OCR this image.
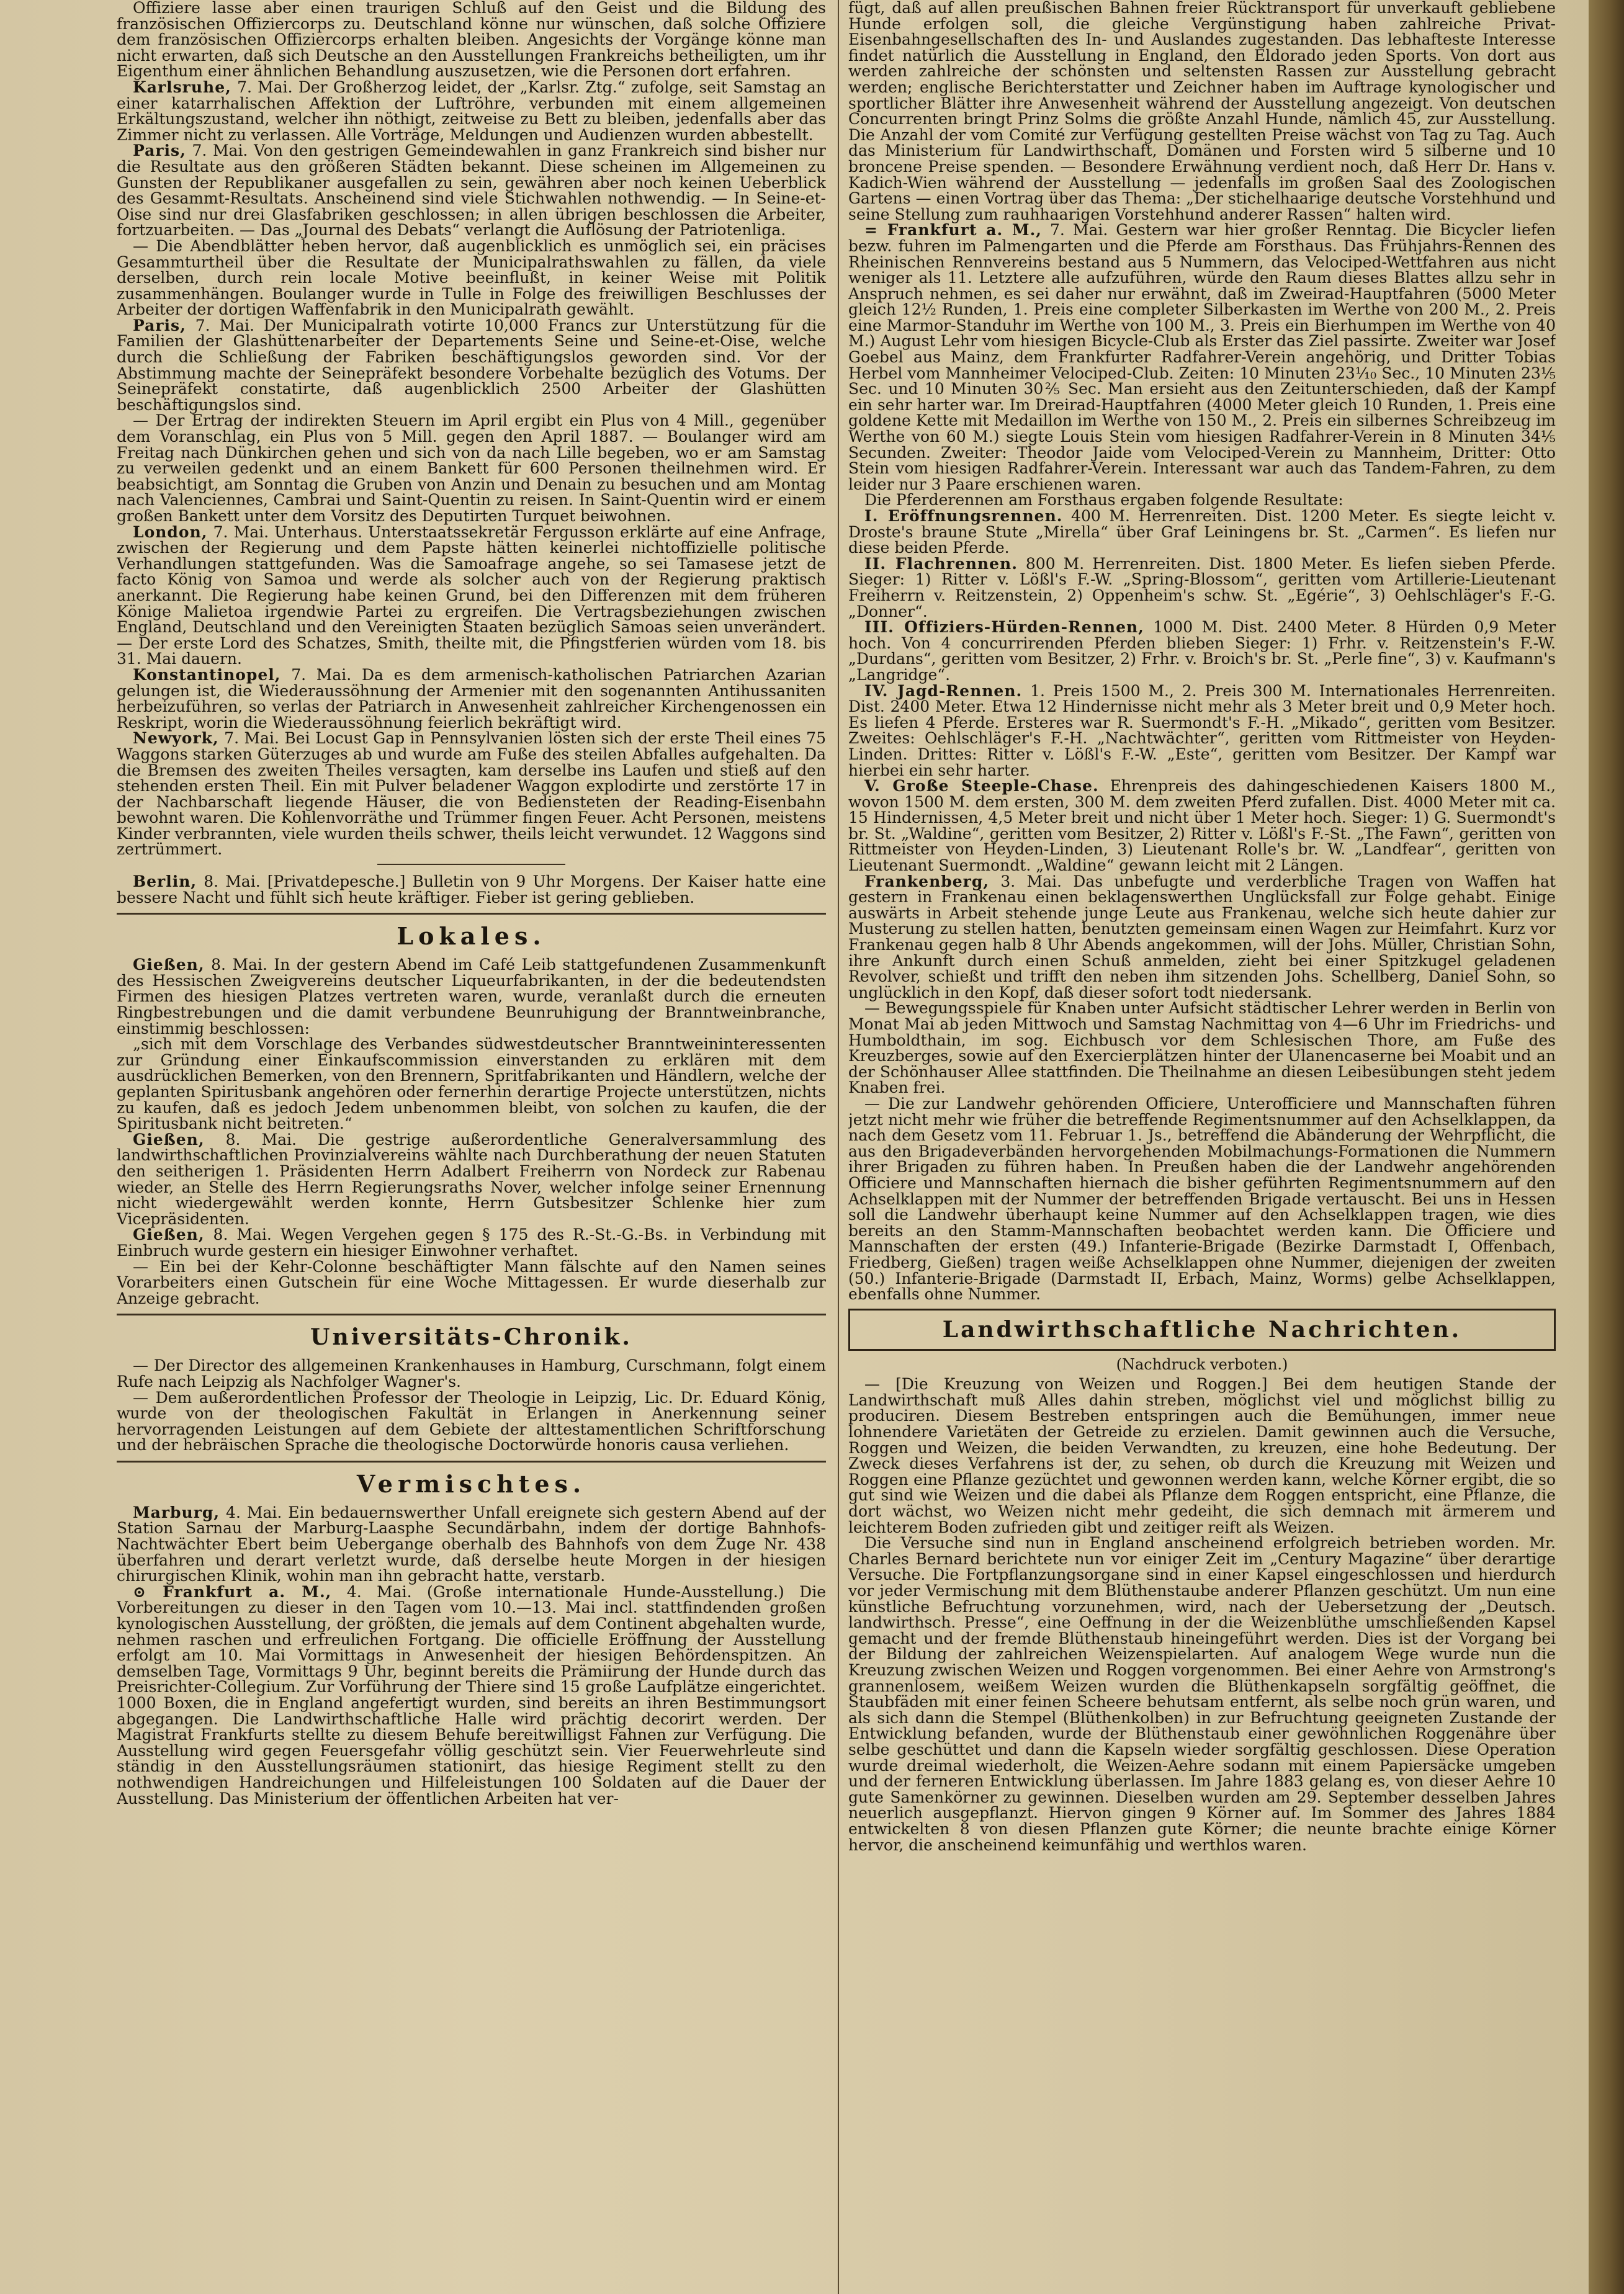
Offiziere lasse aber einen traurigen Schluß auf den Geist und die Bildung des französischen Offiziercorps zu. Deutschland könne nur wünschen, daß solche Offiziere dem französischen Offiziercorps erhalten bleiben. Angesichts der Vorgänge könne man nicht erwarten, daß sich Deutsche an den Ausstellungen Frankreichs betheiligten, um ihr Eigenthum einer ähnlichen Behandlung auszusetzen, wie die Personen dort erfahren.

Karlsruhe, 7. Mai. Der Großherzog leidet, der „Karlsr. Ztg.“ zufolge, seit Samstag an einer katarrhalischen Affektion der Luftröhre, verbunden mit einem allgemeinen Erkältungszustand, welcher ihn nöthigt, zeitweise zu Bett zu bleiben, jedenfalls aber das Zimmer nicht zu verlassen. Alle Vorträge, Meldungen und Audienzen wurden abbestellt.

Paris, 7. Mai. Von den gestrigen Gemeindewahlen in ganz Frankreich sind bisher nur die Resultate aus den größeren Städten bekannt. Diese scheinen im Allgemeinen zu Gunsten der Republikaner ausgefallen zu sein, gewähren aber noch keinen Ueberblick des Gesammt-Resultats. Anscheinend sind viele Stichwahlen nothwendig. — In Seine-et-Oise sind nur drei Glasfabriken geschlossen; in allen übrigen beschlossen die Arbeiter, fortzuarbeiten. — Das „Journal des Debats“ verlangt die Auflösung der Patriotenliga.

— Die Abendblätter heben hervor, daß augenblicklich es unmöglich sei, ein präcises Gesammturtheil über die Resultate der Municipalrathswahlen zu fällen, da viele derselben, durch rein locale Motive beeinflußt, in keiner Weise mit Politik zusammenhängen. Boulanger wurde in Tulle in Folge des freiwilligen Beschlusses der Arbeiter der dortigen Waffenfabrik in den Municipalrath gewählt.

Paris, 7. Mai. Der Municipalrath votirte 10,000 Francs zur Unterstützung für die Familien der Glashüttenarbeiter der Departements Seine und Seine-et-Oise, welche durch die Schließung der Fabriken beschäftigungslos geworden sind. Vor der Abstimmung machte der Seinepräfekt besondere Vorbehalte bezüglich des Votums. Der Seinepräfekt constatirte, daß augenblicklich 2500 Arbeiter der Glashütten beschäftigungslos sind.

— Der Ertrag der indirekten Steuern im April ergibt ein Plus von 4 Mill., gegenüber dem Voranschlag, ein Plus von 5 Mill. gegen den April 1887. — Boulanger wird am Freitag nach Dünkirchen gehen und sich von da nach Lille begeben, wo er am Samstag zu verweilen gedenkt und an einem Bankett für 600 Personen theilnehmen wird. Er beabsichtigt, am Sonntag die Gruben von Anzin und Denain zu besuchen und am Montag nach Valenciennes, Cambrai und Saint-Quentin zu reisen. In Saint-Quentin wird er einem großen Bankett unter dem Vorsitz des Deputirten Turquet beiwohnen.

London, 7. Mai. Unterhaus. Unterstaatssekretär Fergusson erklärte auf eine Anfrage, zwischen der Regierung und dem Papste hätten keinerlei nichtoffizielle politische Verhandlungen stattgefunden. Was die Samoafrage angehe, so sei Tamasese jetzt de facto König von Samoa und werde als solcher auch von der Regierung praktisch anerkannt. Die Regierung habe keinen Grund, bei den Differenzen mit dem früheren Könige Malietoa irgendwie Partei zu ergreifen. Die Vertragsbeziehungen zwischen England, Deutschland und den Vereinigten Staaten bezüglich Samoas seien unverändert. — Der erste Lord des Schatzes, Smith, theilte mit, die Pfingstferien würden vom 18. bis 31. Mai dauern.

Konstantinopel, 7. Mai. Da es dem armenisch-katholischen Patriarchen Azarian gelungen ist, die Wiederaussöhnung der Armenier mit den sogenannten Antihussaniten herbeizuführen, so verlas der Patriarch in Anwesenheit zahlreicher Kirchengenossen ein Reskript, worin die Wiederaussöhnung feierlich bekräftigt wird.

Newyork, 7. Mai. Bei Locust Gap in Pennsylvanien lösten sich der erste Theil eines 75 Waggons starken Güterzuges ab und wurde am Fuße des steilen Abfalles aufgehalten. Da die Bremsen des zweiten Theiles versagten, kam derselbe ins Laufen und stieß auf den stehenden ersten Theil. Ein mit Pulver beladener Waggon explodirte und zerstörte 17 in der Nachbarschaft liegende Häuser, die von Bediensteten der Reading-Eisenbahn bewohnt waren. Die Kohlenvorräthe und Trümmer fingen Feuer. Acht Personen, meistens Kinder verbrannten, viele wurden theils schwer, theils leicht verwundet. 12 Waggons sind zertrümmert.

Berlin, 8. Mai. [Privatdepesche.] Bulletin von 9 Uhr Morgens. Der Kaiser hatte eine bessere Nacht und fühlt sich heute kräftiger. Fieber ist gering geblieben.

Lokales.

Gießen, 8. Mai. In der gestern Abend im Café Leib stattgefundenen Zusammenkunft des Hessischen Zweigvereins deutscher Liqueurfabrikanten, in der die bedeutendsten Firmen des hiesigen Platzes vertreten waren, wurde, veranlaßt durch die erneuten Ringbestrebungen und die damit verbundene Beunruhigung der Branntweinbranche, einstimmig beschlossen:

„sich mit dem Vorschlage des Verbandes südwestdeutscher Branntweininteressenten zur Gründung einer Einkaufscommission einverstanden zu erklären mit dem ausdrücklichen Bemerken, von den Brennern, Spritfabrikanten und Händlern, welche der geplanten Spiritusbank angehören oder fernerhin derartige Projecte unterstützen, nichts zu kaufen, daß es jedoch Jedem unbenommen bleibt, von solchen zu kaufen, die der Spiritusbank nicht beitreten.“

Gießen, 8. Mai. Die gestrige außerordentliche Generalversammlung des landwirthschaftlichen Provinzialvereins wählte nach Durchberathung der neuen Statuten den seitherigen 1. Präsidenten Herrn Adalbert Freiherrn von Nordeck zur Rabenau wieder, an Stelle des Herrn Regierungsraths Nover, welcher infolge seiner Ernennung nicht wiedergewählt werden konnte, Herrn Gutsbesitzer Schlenke hier zum Vicepräsidenten.

Gießen, 8. Mai. Wegen Vergehen gegen § 175 des R.-St.-G.-Bs. in Verbindung mit Einbruch wurde gestern ein hiesiger Einwohner verhaftet.

— Ein bei der Kehr-Colonne beschäftigter Mann fälschte auf den Namen seines Vorarbeiters einen Gutschein für eine Woche Mittagessen. Er wurde dieserhalb zur Anzeige gebracht.

Universitäts-Chronik.

— Der Director des allgemeinen Krankenhauses in Hamburg, Curschmann, folgt einem Rufe nach Leipzig als Nachfolger Wagner's.

— Dem außerordentlichen Professor der Theologie in Leipzig, Lic. Dr. Eduard König, wurde von der theologischen Fakultät in Erlangen in Anerkennung seiner hervorragenden Leistungen auf dem Gebiete der alttestamentlichen Schriftforschung und der hebräischen Sprache die theologische Doctorwürde honoris causa verliehen.

Vermischtes.

Marburg, 4. Mai. Ein bedauernswerther Unfall ereignete sich gestern Abend auf der Station Sarnau der Marburg-Laasphe Secundärbahn, indem der dortige Bahnhofs-Nachtwächter Ebert beim Uebergange oberhalb des Bahnhofs von dem Zuge Nr. 438 überfahren und derart verletzt wurde, daß derselbe heute Morgen in der hiesigen chirurgischen Klinik, wohin man ihn gebracht hatte, verstarb.

⊙ Frankfurt a. M., 4. Mai. (Große internationale Hunde-Ausstellung.) Die Vorbereitungen zu dieser in den Tagen vom 10.—13. Mai incl. stattfindenden großen kynologischen Ausstellung, der größten, die jemals auf dem Continent abgehalten wurde, nehmen raschen und erfreulichen Fortgang. Die officielle Eröffnung der Ausstellung erfolgt am 10. Mai Vormittags in Anwesenheit der hiesigen Behördenspitzen. An demselben Tage, Vormittags 9 Uhr, beginnt bereits die Prämiirung der Hunde durch das Preisrichter-Collegium. Zur Vorführung der Thiere sind 15 große Laufplätze eingerichtet. 1000 Boxen, die in England angefertigt wurden, sind bereits an ihren Bestimmungsort abgegangen. Die Landwirthschaftliche Halle wird prächtig decorirt werden. Der Magistrat Frankfurts stellte zu diesem Behufe bereitwilligst Fahnen zur Verfügung. Die Ausstellung wird gegen Feuersgefahr völlig geschützt sein. Vier Feuerwehrleute sind ständig in den Ausstellungsräumen stationirt, das hiesige Regiment stellt zu den nothwendigen Handreichungen und Hilfeleistungen 100 Soldaten auf die Dauer der Ausstellung. Das Ministerium der öffentlichen Arbeiten hat ver-

fügt, daß auf allen preußischen Bahnen freier Rücktransport für unverkauft gebliebene Hunde erfolgen soll, die gleiche Vergünstigung haben zahlreiche Privat-Eisenbahngesellschaften des In- und Auslandes zugestanden. Das lebhafteste Interesse findet natürlich die Ausstellung in England, den Eldorado jeden Sports. Von dort aus werden zahlreiche der schönsten und seltensten Rassen zur Ausstellung gebracht werden; englische Berichterstatter und Zeichner haben im Auftrage kynologischer und sportlicher Blätter ihre Anwesenheit während der Ausstellung angezeigt. Von deutschen Concurrenten bringt Prinz Solms die größte Anzahl Hunde, nämlich 45, zur Ausstellung. Die Anzahl der vom Comité zur Verfügung gestellten Preise wächst von Tag zu Tag. Auch das Ministerium für Landwirthschaft, Domänen und Forsten wird 5 silberne und 10 broncene Preise spenden. — Besondere Erwähnung verdient noch, daß Herr Dr. Hans v. Kadich-Wien während der Ausstellung — jedenfalls im großen Saal des Zoologischen Gartens — einen Vortrag über das Thema: „Der stichelhaarige deutsche Vorstehhund und seine Stellung zum rauhhaarigen Vorstehhund anderer Rassen“ halten wird.

= Frankfurt a. M., 7. Mai. Gestern war hier großer Renntag. Die Bicycler liefen bezw. fuhren im Palmengarten und die Pferde am Forsthaus. Das Frühjahrs-Rennen des Rheinischen Rennvereins bestand aus 5 Nummern, das Velociped-Wettfahren aus nicht weniger als 11. Letztere alle aufzuführen, würde den Raum dieses Blattes allzu sehr in Anspruch nehmen, es sei daher nur erwähnt, daß im Zweirad-Hauptfahren (5000 Meter gleich 12½ Runden, 1. Preis eine completer Silberkasten im Werthe von 200 M., 2. Preis eine Marmor-Standuhr im Werthe von 100 M., 3. Preis ein Bierhumpen im Werthe von 40 M.) August Lehr vom hiesigen Bicycle-Club als Erster das Ziel passirte. Zweiter war Josef Goebel aus Mainz, dem Frankfurter Radfahrer-Verein angehörig, und Dritter Tobias Herbel vom Mannheimer Velociped-Club. Zeiten: 10 Minuten 23⅒ Sec., 10 Minuten 23⅕ Sec. und 10 Minuten 30⅖ Sec. Man ersieht aus den Zeitunterschieden, daß der Kampf ein sehr harter war. Im Dreirad-Hauptfahren (4000 Meter gleich 10 Runden, 1. Preis eine goldene Kette mit Medaillon im Werthe von 150 M., 2. Preis ein silbernes Schreibzeug im Werthe von 60 M.) siegte Louis Stein vom hiesigen Radfahrer-Verein in 8 Minuten 34⅕ Secunden. Zweiter: Theodor Jaide vom Velociped-Verein zu Mannheim, Dritter: Otto Stein vom hiesigen Radfahrer-Verein. Interessant war auch das Tandem-Fahren, zu dem leider nur 3 Paare erschienen waren.

Die Pferderennen am Forsthaus ergaben folgende Resultate:

I. Eröffnungsrennen. 400 M. Herrenreiten. Dist. 1200 Meter. Es siegte leicht v. Droste's braune Stute „Mirella“ über Graf Leiningens br. St. „Carmen“. Es liefen nur diese beiden Pferde.

II. Flachrennen. 800 M. Herrenreiten. Dist. 1800 Meter. Es liefen sieben Pferde. Sieger: 1) Ritter v. Lößl's F.-W. „Spring-Blossom“, geritten vom Artillerie-Lieutenant Freiherrn v. Reitzenstein, 2) Oppenheim's schw. St. „Egérie“, 3) Oehlschläger's F.-G. „Donner“.

III. Offiziers-Hürden-Rennen, 1000 M. Dist. 2400 Meter. 8 Hürden 0,9 Meter hoch. Von 4 concurrirenden Pferden blieben Sieger: 1) Frhr. v. Reitzenstein's F.-W. „Durdans“, geritten vom Besitzer, 2) Frhr. v. Broich's br. St. „Perle fine“, 3) v. Kaufmann's „Langridge“.

IV. Jagd-Rennen. 1. Preis 1500 M., 2. Preis 300 M. Internationales Herrenreiten. Dist. 2400 Meter. Etwa 12 Hindernisse nicht mehr als 3 Meter breit und 0,9 Meter hoch. Es liefen 4 Pferde. Ersteres war R. Suermondt's F.-H. „Mikado“, geritten vom Besitzer. Zweites: Oehlschläger's F.-H. „Nachtwächter“, geritten vom Rittmeister von Heyden-Linden. Drittes: Ritter v. Lößl's F.-W. „Este“, geritten vom Besitzer. Der Kampf war hierbei ein sehr harter.

V. Große Steeple-Chase. Ehrenpreis des dahingeschiedenen Kaisers 1800 M., wovon 1500 M. dem ersten, 300 M. dem zweiten Pferd zufallen. Dist. 4000 Meter mit ca. 15 Hindernissen, 4,5 Meter breit und nicht über 1 Meter hoch. Sieger: 1) G. Suermondt's br. St. „Waldine“, geritten vom Besitzer, 2) Ritter v. Lößl's F.-St. „The Fawn“, geritten von Rittmeister von Heyden-Linden, 3) Lieutenant Rolle's br. W. „Landfear“, geritten von Lieutenant Suermondt. „Waldine“ gewann leicht mit 2 Längen.

Frankenberg, 3. Mai. Das unbefugte und verderbliche Tragen von Waffen hat gestern in Frankenau einen beklagenswerthen Unglücksfall zur Folge gehabt. Einige auswärts in Arbeit stehende junge Leute aus Frankenau, welche sich heute dahier zur Musterung zu stellen hatten, benutzten gemeinsam einen Wagen zur Heimfahrt. Kurz vor Frankenau gegen halb 8 Uhr Abends angekommen, will der Johs. Müller, Christian Sohn, ihre Ankunft durch einen Schuß anmelden, zieht bei einer Spitzkugel geladenen Revolver, schießt und trifft den neben ihm sitzenden Johs. Schellberg, Daniel Sohn, so unglücklich in den Kopf, daß dieser sofort todt niedersank.

— Bewegungsspiele für Knaben unter Aufsicht städtischer Lehrer werden in Berlin von Monat Mai ab jeden Mittwoch und Samstag Nachmittag von 4—6 Uhr im Friedrichs- und Humboldthain, im sog. Eichbusch vor dem Schlesischen Thore, am Fuße des Kreuzberges, sowie auf den Exercierplätzen hinter der Ulanencaserne bei Moabit und an der Schönhauser Allee stattfinden. Die Theilnahme an diesen Leibesübungen steht jedem Knaben frei.

— Die zur Landwehr gehörenden Officiere, Unterofficiere und Mannschaften führen jetzt nicht mehr wie früher die betreffende Regimentsnummer auf den Achselklappen, da nach dem Gesetz vom 11. Februar 1. Js., betreffend die Abänderung der Wehrpflicht, die aus den Brigadeverbänden hervorgehenden Mobilmachungs-Formationen die Nummern ihrer Brigaden zu führen haben. In Preußen haben die der Landwehr angehörenden Officiere und Mannschaften hiernach die bisher geführten Regimentsnummern auf den Achselklappen mit der Nummer der betreffenden Brigade vertauscht. Bei uns in Hessen soll die Landwehr überhaupt keine Nummer auf den Achselklappen tragen, wie dies bereits an den Stamm-Mannschaften beobachtet werden kann. Die Officiere und Mannschaften der ersten (49.) Infanterie-Brigade (Bezirke Darmstadt I, Offenbach, Friedberg, Gießen) tragen weiße Achselklappen ohne Nummer, diejenigen der zweiten (50.) Infanterie-Brigade (Darmstadt II, Erbach, Mainz, Worms) gelbe Achselklappen, ebenfalls ohne Nummer.

Landwirthschaftliche Nachrichten.
(Nachdruck verboten.)

— [Die Kreuzung von Weizen und Roggen.] Bei dem heutigen Stande der Landwirthschaft muß Alles dahin streben, möglichst viel und möglichst billig zu produciren. Diesem Bestreben entspringen auch die Bemühungen, immer neue lohnendere Varietäten der Getreide zu erzielen. Damit gewinnen auch die Versuche, Roggen und Weizen, die beiden Verwandten, zu kreuzen, eine hohe Bedeutung. Der Zweck dieses Verfahrens ist der, zu sehen, ob durch die Kreuzung mit Weizen und Roggen eine Pflanze gezüchtet und gewonnen werden kann, welche Körner ergibt, die so gut sind wie Weizen und die dabei als Pflanze dem Roggen entspricht, eine Pflanze, die dort wächst, wo Weizen nicht mehr gedeiht, die sich demnach mit ärmerem und leichterem Boden zufrieden gibt und zeitiger reift als Weizen.

Die Versuche sind nun in England anscheinend erfolgreich betrieben worden. Mr. Charles Bernard berichtete nun vor einiger Zeit im „Century Magazine“ über derartige Versuche. Die Fortpflanzungsorgane sind in einer Kapsel eingeschlossen und hierdurch vor jeder Vermischung mit dem Blüthenstaube anderer Pflanzen geschützt. Um nun eine künstliche Befruchtung vorzunehmen, wird, nach der Uebersetzung der „Deutsch. landwirthsch. Presse“, eine Oeffnung in der die Weizenblüthe umschließenden Kapsel gemacht und der fremde Blüthenstaub hineingeführt werden. Dies ist der Vorgang bei der Bildung der zahlreichen Weizenspielarten. Auf analogem Wege wurde nun die Kreuzung zwischen Weizen und Roggen vorgenommen. Bei einer Aehre von Armstrong's grannenlosem, weißem Weizen wurden die Blüthenkapseln sorgfältig geöffnet, die Staubfäden mit einer feinen Scheere behutsam entfernt, als selbe noch grün waren, und als sich dann die Stempel (Blüthenkolben) in zur Befruchtung geeigneten Zustande der Entwicklung befanden, wurde der Blüthenstaub einer gewöhnlichen Roggenähre über selbe geschüttet und dann die Kapseln wieder sorgfältig geschlossen. Diese Operation wurde dreimal wiederholt, die Weizen-Aehre sodann mit einem Papiersäcke umgeben und der ferneren Entwicklung überlassen. Im Jahre 1883 gelang es, von dieser Aehre 10 gute Samenkörner zu gewinnen. Dieselben wurden am 29. September desselben Jahres neuerlich ausgepflanzt. Hiervon gingen 9 Körner auf. Im Sommer des Jahres 1884 entwickelten 8 von diesen Pflanzen gute Körner; die neunte brachte einige Körner hervor, die anscheinend keimunfähig und werthlos waren.
